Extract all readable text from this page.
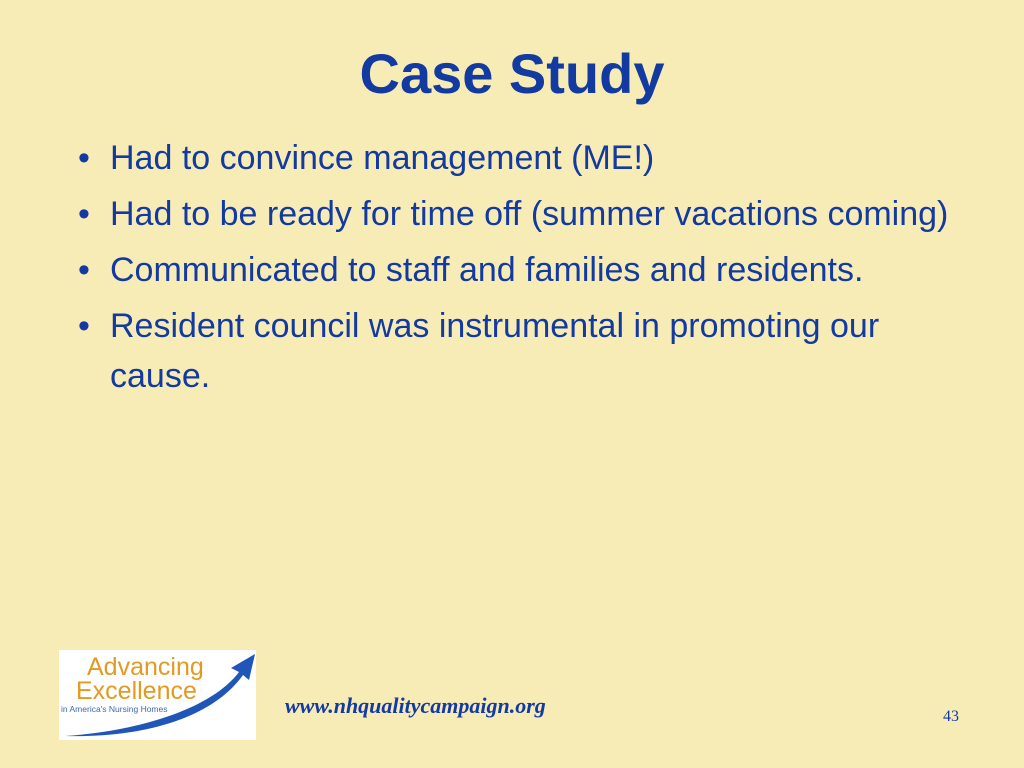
Case Study
• Had to convince management (ME!)
• Had to be ready for time off (summer vacations coming)
• Communicated to staff and families and residents.
• Resident council was instrumental in promoting our cause.
Advancing
Excellence
in America's Nursing Homes	www.nhqualitycampaign.org	43
